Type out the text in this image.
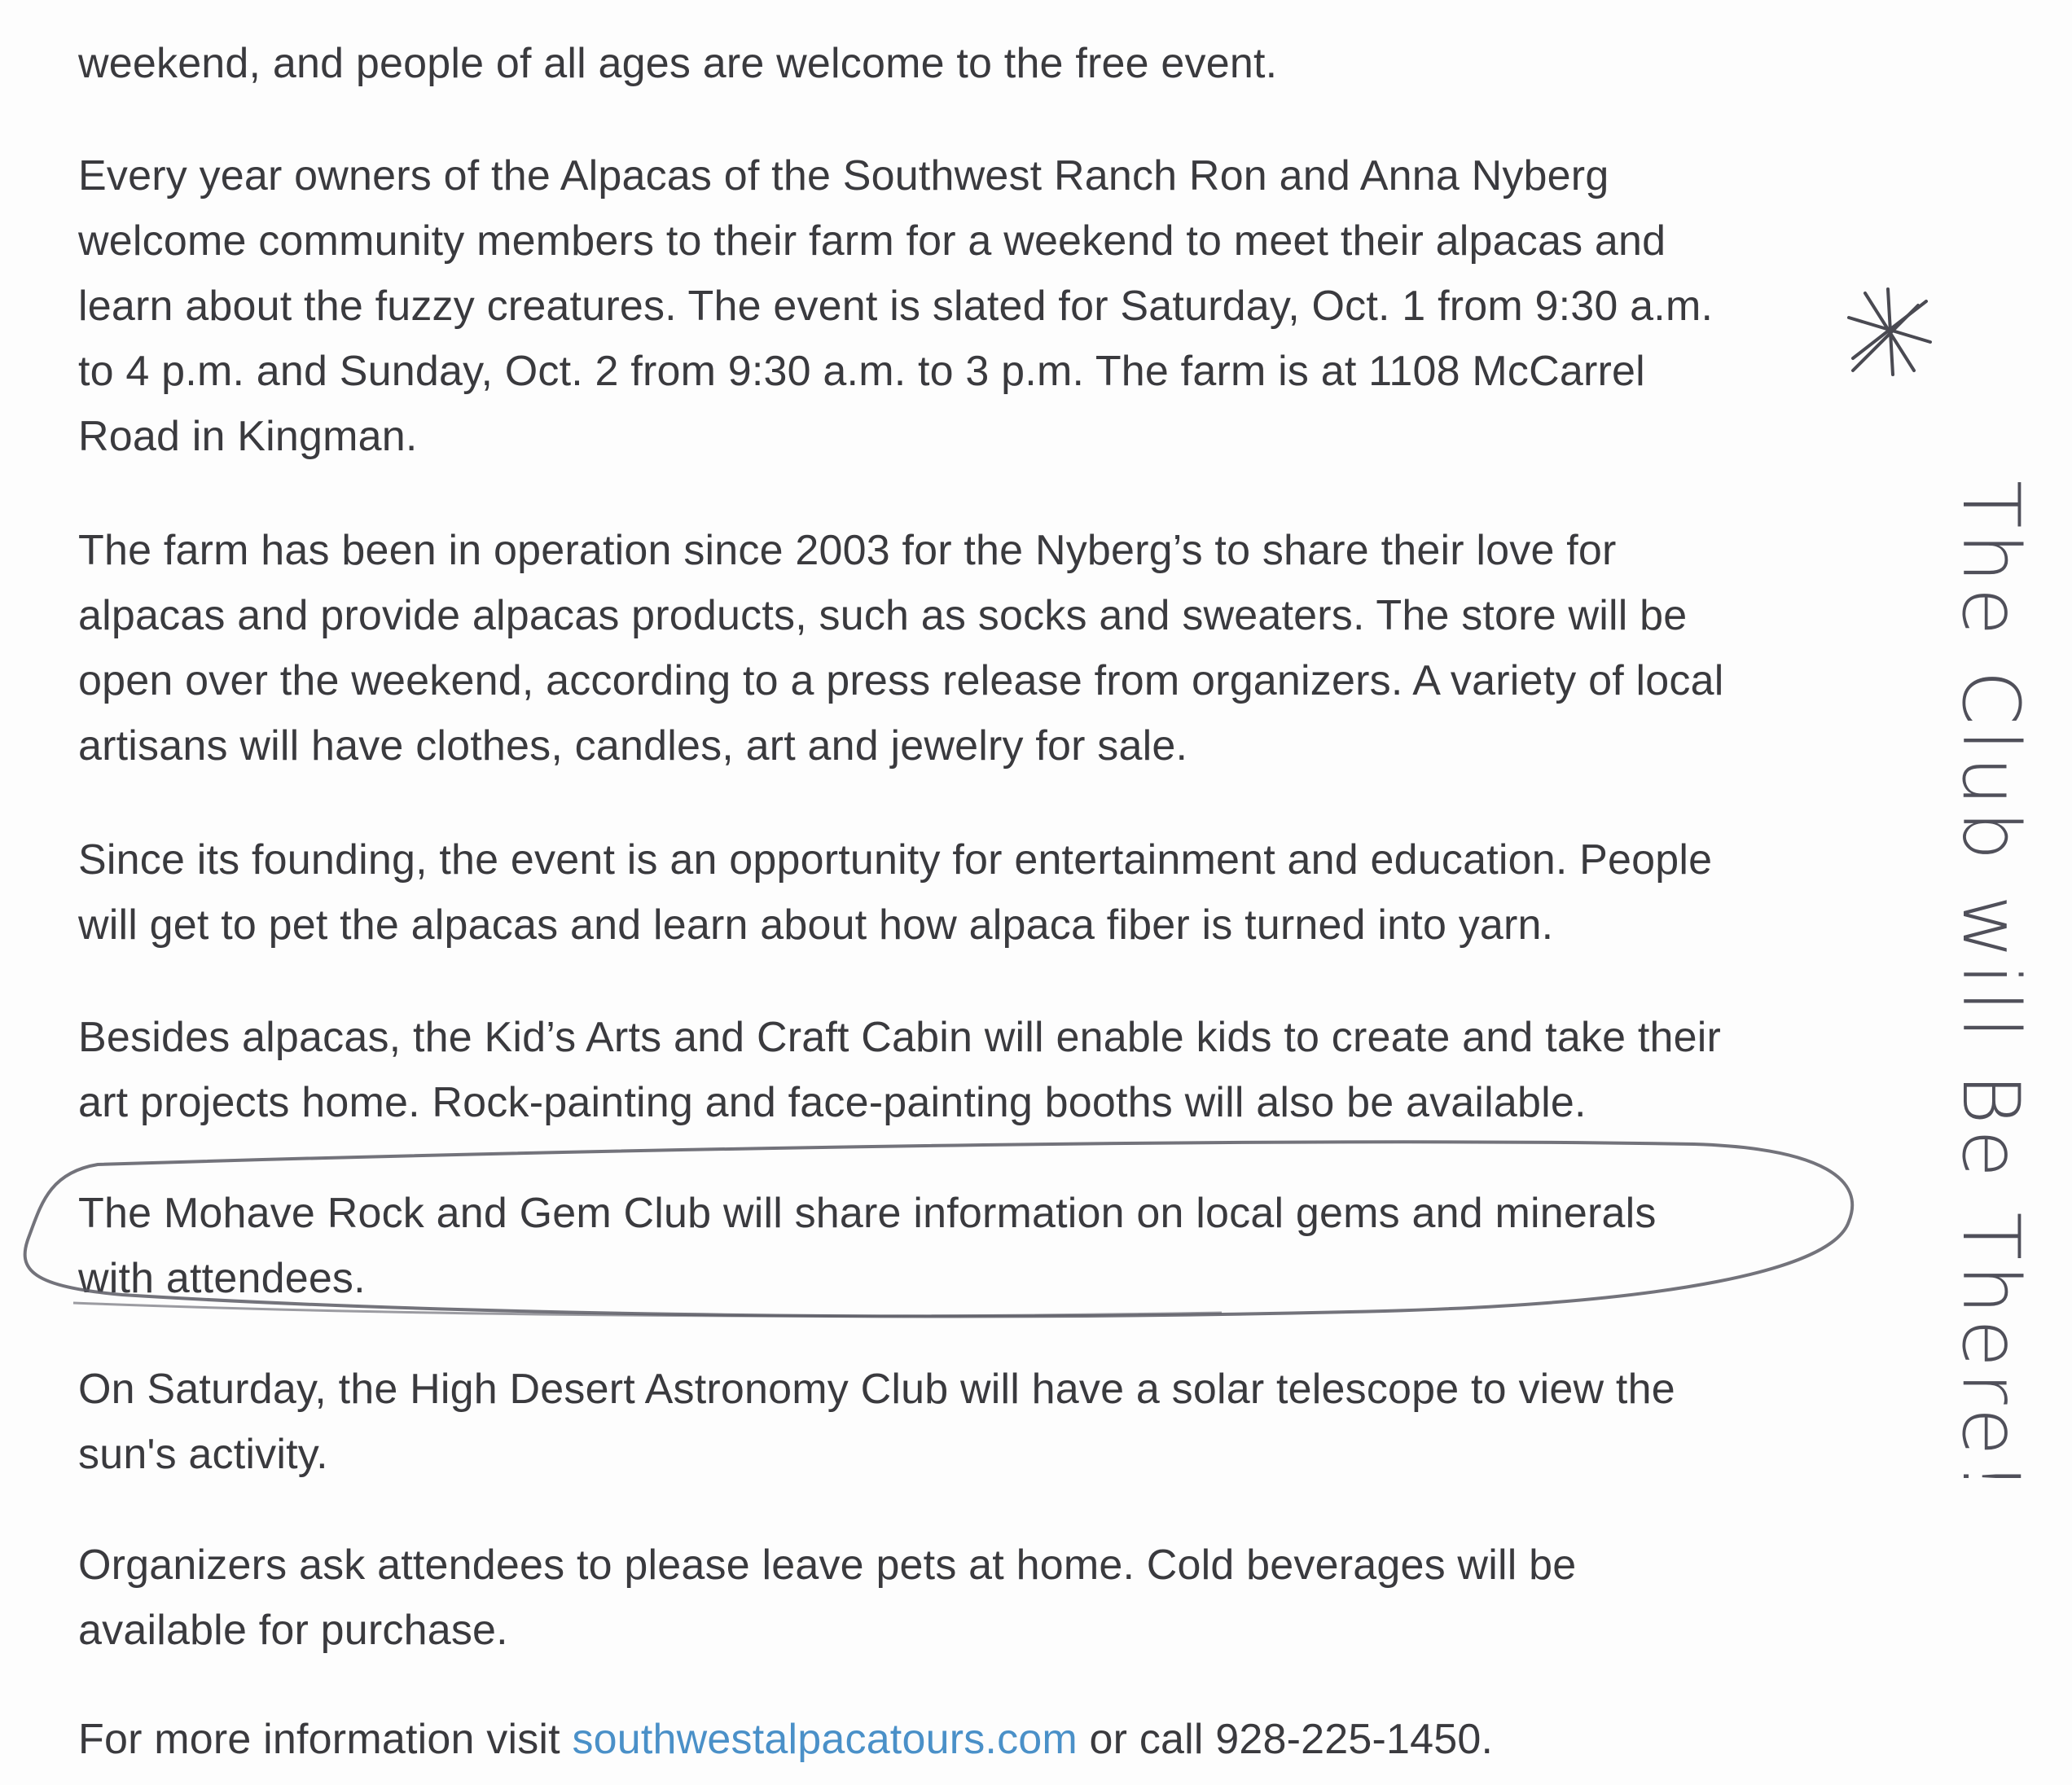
weekend, and people of all ages are welcome to the free event.

Every year owners of the Alpacas of the Southwest Ranch Ron and Anna Nyberg
welcome community members to their farm for a weekend to meet their alpacas and
learn about the fuzzy creatures. The event is slated for Saturday, Oct. 1 from 9:30 a.m.
to 4 p.m. and Sunday, Oct. 2 from 9:30 a.m. to 3 p.m. The farm is at 1108 McCarrel
Road in Kingman.

The farm has been in operation since 2003 for the Nyberg’s to share their love for
alpacas and provide alpacas products, such as socks and sweaters. The store will be
open over the weekend, according to a press release from organizers. A variety of local
artisans will have clothes, candles, art and jewelry for sale.

Since its founding, the event is an opportunity for entertainment and education. People
will get to pet the alpacas and learn about how alpaca fiber is turned into yarn.

Besides alpacas, the Kid’s Arts and Craft Cabin will enable kids to create and take their
art projects home. Rock-painting and face-painting booths will also be available.

The Mohave Rock and Gem Club will share information on local gems and minerals
with attendees.

On Saturday, the High Desert Astronomy Club will have a solar telescope to view the
sun's activity.

Organizers ask attendees to please leave pets at home. Cold beverages will be
available for purchase.

For more information visit southwestalpacatours.com or call 928-225-1450.

The Club will Be There!
